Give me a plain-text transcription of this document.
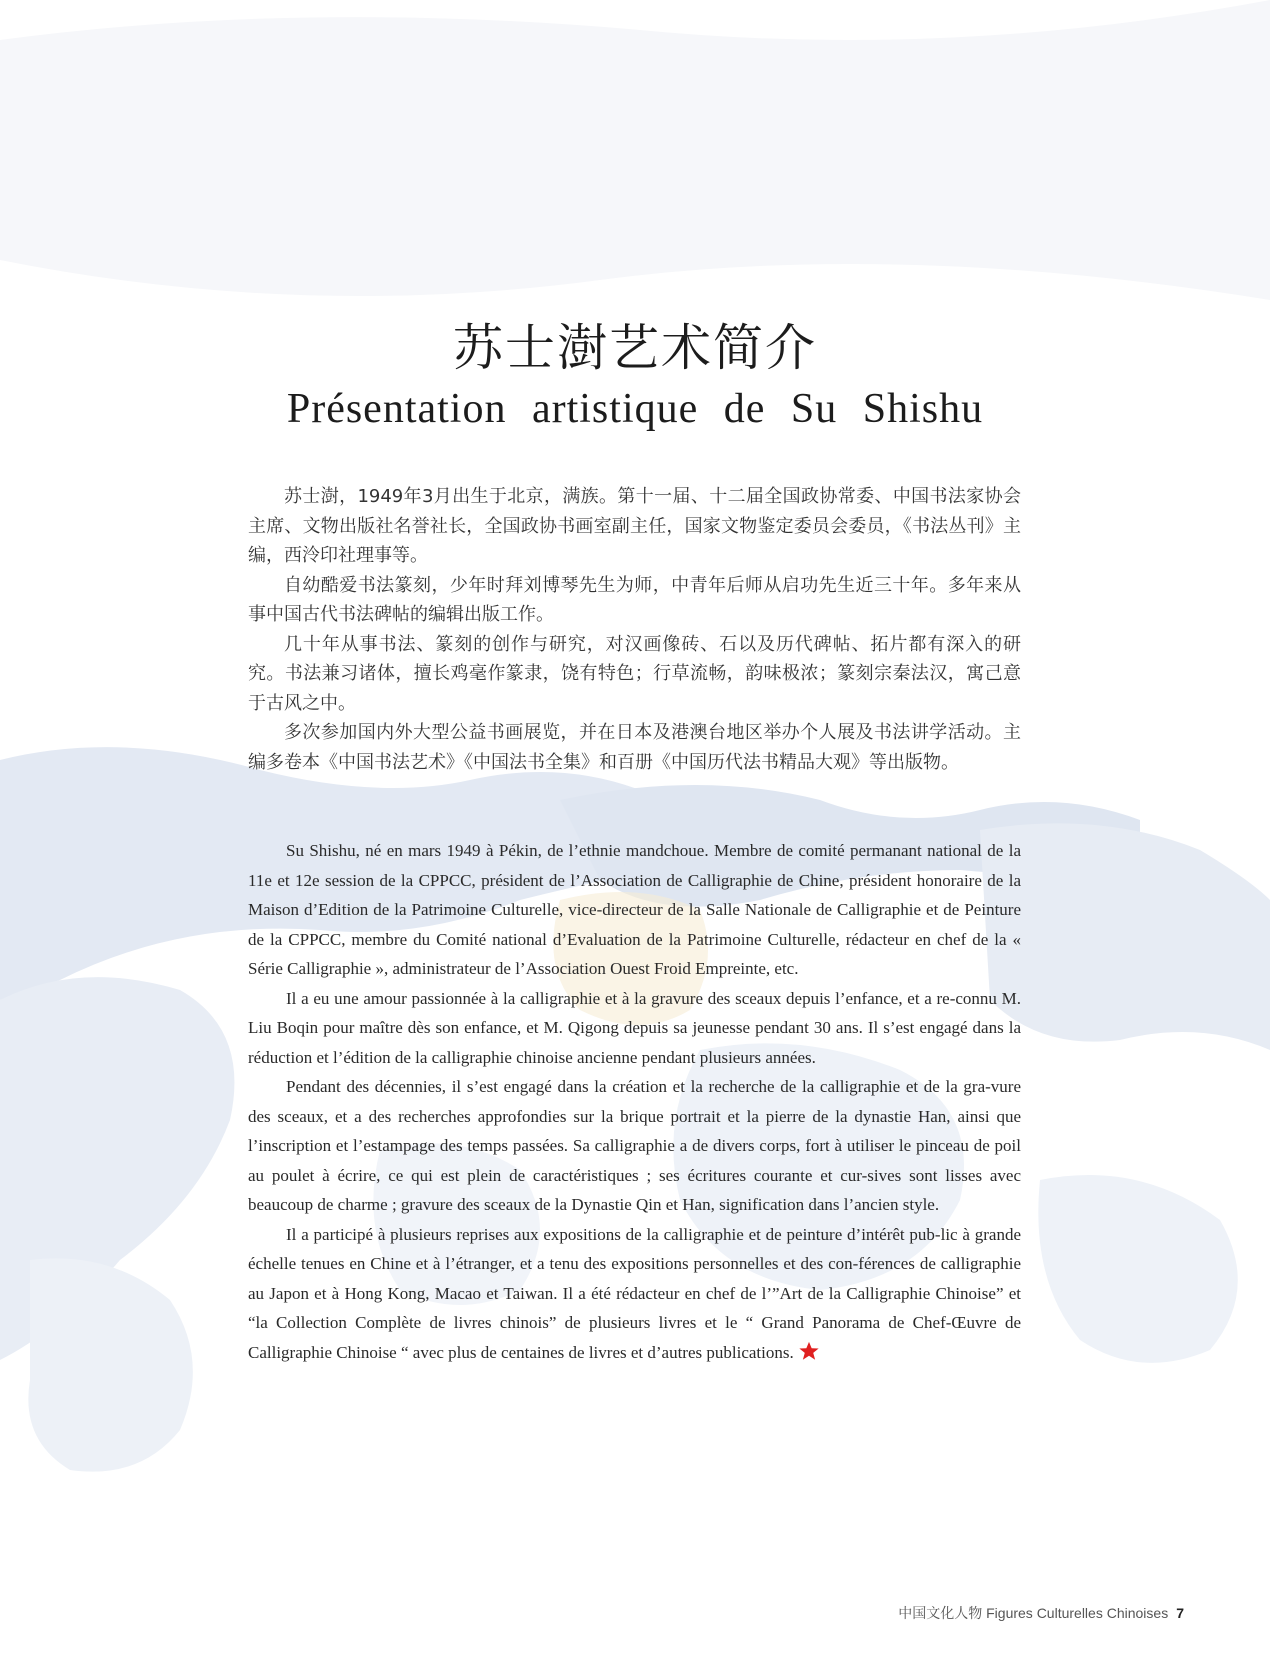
苏士澍艺术简介
Présentation artistique de Su Shishu

苏士澍，1949年3月出生于北京，满族。第十一届、十二届全国政协常委、中国书法家协会主席、文物出版社名誉社长，全国政协书画室副主任，国家文物鉴定委员会委员，《书法丛刊》主编，西泠印社理事等。

自幼酷爱书法篆刻，少年时拜刘博琴先生为师，中青年后师从启功先生近三十年。多年来从事中国古代书法碑帖的编辑出版工作。

几十年从事书法、篆刻的创作与研究，对汉画像砖、石以及历代碑帖、拓片都有深入的研究。书法兼习诸体，擅长鸡毫作篆隶，饶有特色；行草流畅，韵味极浓；篆刻宗秦法汉，寓己意于古风之中。

多次参加国内外大型公益书画展览，并在日本及港澳台地区举办个人展及书法讲学活动。主编多卷本《中国书法艺术》《中国法书全集》和百册《中国历代法书精品大观》等出版物。

Su Shishu, né en mars 1949 à Pékin, de l’ethnie mandchoue. Membre de comité permanant national de la 11e et 12e session de la CPPCC, président de l’Association de Calligraphie de Chine, président honoraire de la Maison d’Edition de la Patrimoine Culturelle, vice-directeur de la Salle Nationale de Calligraphie et de Peinture de la CPPCC, membre du Comité national d’Evaluation de la Patrimoine Culturelle, rédacteur en chef de la « Série Calligraphie », administrateur de l’Association Ouest Froid Empreinte, etc.

Il a eu une amour passionnée à la calligraphie et à la gravure des sceaux depuis l’enfance, et a re-connu M. Liu Boqin pour maître dès son enfance, et M. Qigong depuis sa jeunesse pendant 30 ans. Il s’est engagé dans la réduction et l’édition de la calligraphie chinoise ancienne pendant plusieurs années.

Pendant des décennies, il s’est engagé dans la création et la recherche de la calligraphie et de la gra-vure des sceaux, et a des recherches approfondies sur la brique portrait et la pierre de la dynastie Han, ainsi que l’inscription et l’estampage des temps passées. Sa calligraphie a de divers corps, fort à utiliser le pinceau de poil au poulet à écrire, ce qui est plein de caractéristiques ; ses écritures courante et cur-sives sont lisses avec beaucoup de charme ; gravure des sceaux de la Dynastie Qin et Han, signification dans l’ancien style.

Il a participé à plusieurs reprises aux expositions de la calligraphie et de peinture d’intérêt pub-lic à grande échelle tenues en Chine et à l’étranger, et a tenu des expositions personnelles et des con-férences de calligraphie au Japon et à Hong Kong, Macao et Taiwan. Il a été rédacteur en chef de l’”Art de la Calligraphie Chinoise” et “la Collection Complète de livres chinois” de plusieurs livres et le “ Grand Panorama de Chef-Œuvre de Calligraphie Chinoise “ avec plus de centaines de livres et d’autres publications.

中国文化人物 Figures Culturelles Chinoises 7
